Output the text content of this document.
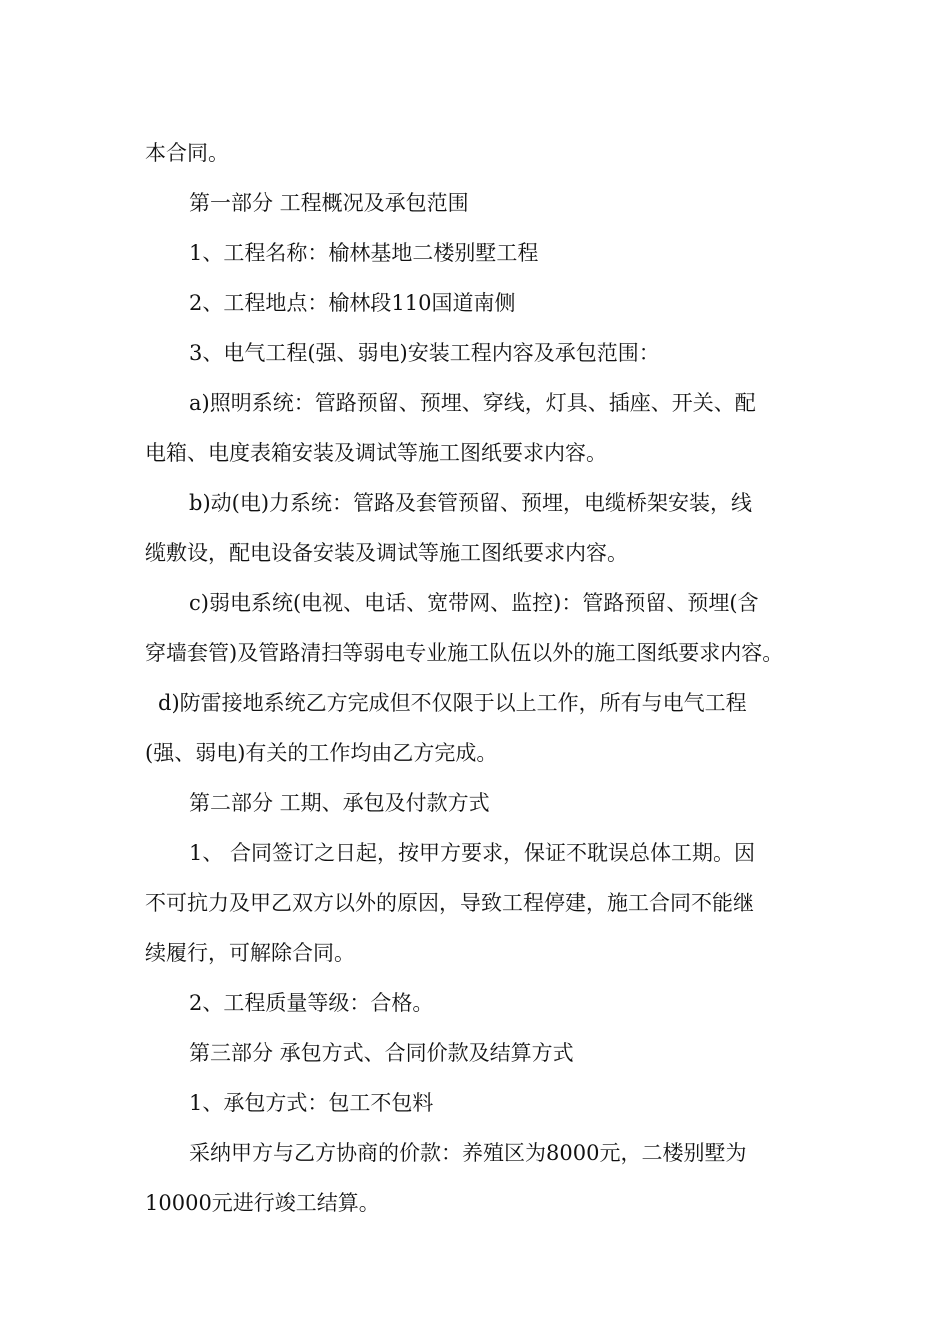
本合同。
第一部分 工程概况及承包范围
1、工程名称：榆林基地二楼别墅工程
2、工程地点：榆林段110国道南侧
3、电气工程(强、弱电)安装工程内容及承包范围：
a)照明系统：管路预留、预埋、穿线，灯具、插座、开关、配
电箱、电度表箱安装及调试等施工图纸要求内容。
b)动(电)力系统：管路及套管预留、预埋，电缆桥架安装，线
缆敷设，配电设备安装及调试等施工图纸要求内容。
c)弱电系统(电视、电话、宽带网、监控)：管路预留、预埋(含
穿墙套管)及管路清扫等弱电专业施工队伍以外的施工图纸要求内容。
d)防雷接地系统乙方完成但不仅限于以上工作，所有与电气工程
(强、弱电)有关的工作均由乙方完成。
第二部分 工期、承包及付款方式
1、 合同签订之日起，按甲方要求，保证不耽误总体工期。因
不可抗力及甲乙双方以外的原因，导致工程停建，施工合同不能继
续履行，可解除合同。
2、工程质量等级：合格。
第三部分 承包方式、合同价款及结算方式
1、承包方式：包工不包料
采纳甲方与乙方协商的价款：养殖区为8000元，二楼别墅为
10000元进行竣工结算。
